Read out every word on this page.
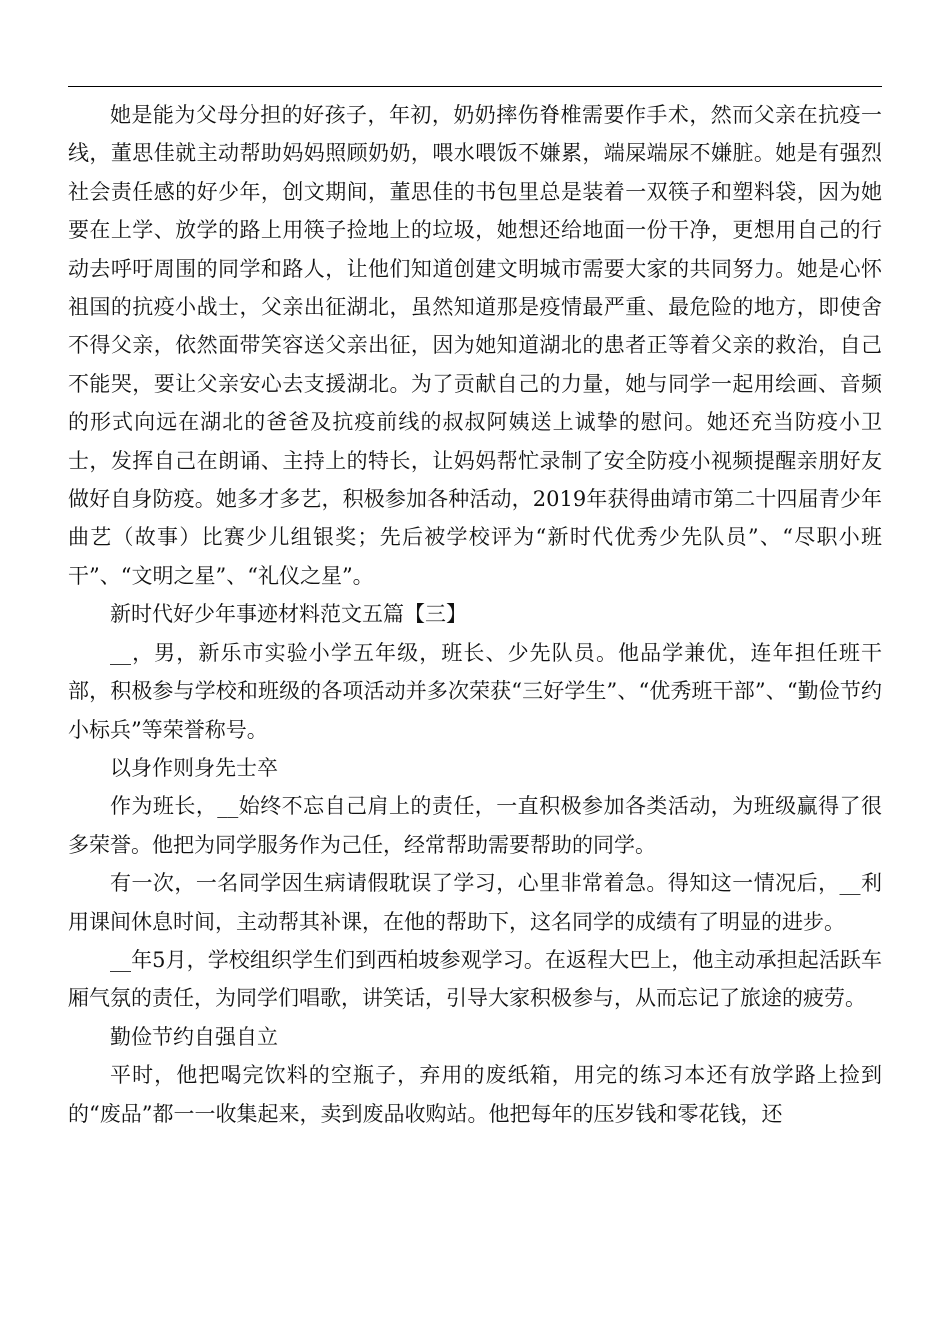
她是能为父母分担的好孩子，年初，奶奶摔伤脊椎需要作手术，然而父亲在抗疫一线，董思佳就主动帮助妈妈照顾奶奶，喂水喂饭不嫌累，端屎端尿不嫌脏。她是有强烈社会责任感的好少年，创文期间，董思佳的书包里总是装着一双筷子和塑料袋，因为她要在上学、放学的路上用筷子捡地上的垃圾，她想还给地面一份干净，更想用自己的行动去呼吁周围的同学和路人，让他们知道创建文明城市需要大家的共同努力。她是心怀祖国的抗疫小战士，父亲出征湖北，虽然知道那是疫情最严重、最危险的地方，即使舍不得父亲，依然面带笑容送父亲出征，因为她知道湖北的患者正等着父亲的救治，自己不能哭，要让父亲安心去支援湖北。为了贡献自己的力量，她与同学一起用绘画、音频的形式向远在湖北的爸爸及抗疫前线的叔叔阿姨送上诚挚的慰问。她还充当防疫小卫士，发挥自己在朗诵、主持上的特长，让妈妈帮忙录制了安全防疫小视频提醒亲朋好友做好自身防疫。她多才多艺，积极参加各种活动，2019年获得曲靖市第二十四届青少年曲艺（故事）比赛少儿组银奖；先后被学校评为“新时代优秀少先队员”、“尽职小班干”、“文明之星”、“礼仪之星”。

新时代好少年事迹材料范文五篇【三】

__，男，新乐市实验小学五年级，班长、少先队员。他品学兼优，连年担任班干部，积极参与学校和班级的各项活动并多次荣获“三好学生”、“优秀班干部”、“勤俭节约小标兵”等荣誉称号。

以身作则身先士卒

作为班长，__始终不忘自己肩上的责任，一直积极参加各类活动，为班级赢得了很多荣誉。他把为同学服务作为己任，经常帮助需要帮助的同学。

有一次，一名同学因生病请假耽误了学习，心里非常着急。得知这一情况后，__利用课间休息时间，主动帮其补课，在他的帮助下，这名同学的成绩有了明显的进步。

__年5月，学校组织学生们到西柏坡参观学习。在返程大巴上，他主动承担起活跃车厢气氛的责任，为同学们唱歌，讲笑话，引导大家积极参与，从而忘记了旅途的疲劳。

勤俭节约自强自立

平时，他把喝完饮料的空瓶子，弃用的废纸箱，用完的练习本还有放学路上捡到的“废品”都一一收集起来，卖到废品收购站。他把每年的压岁钱和零花钱，还
